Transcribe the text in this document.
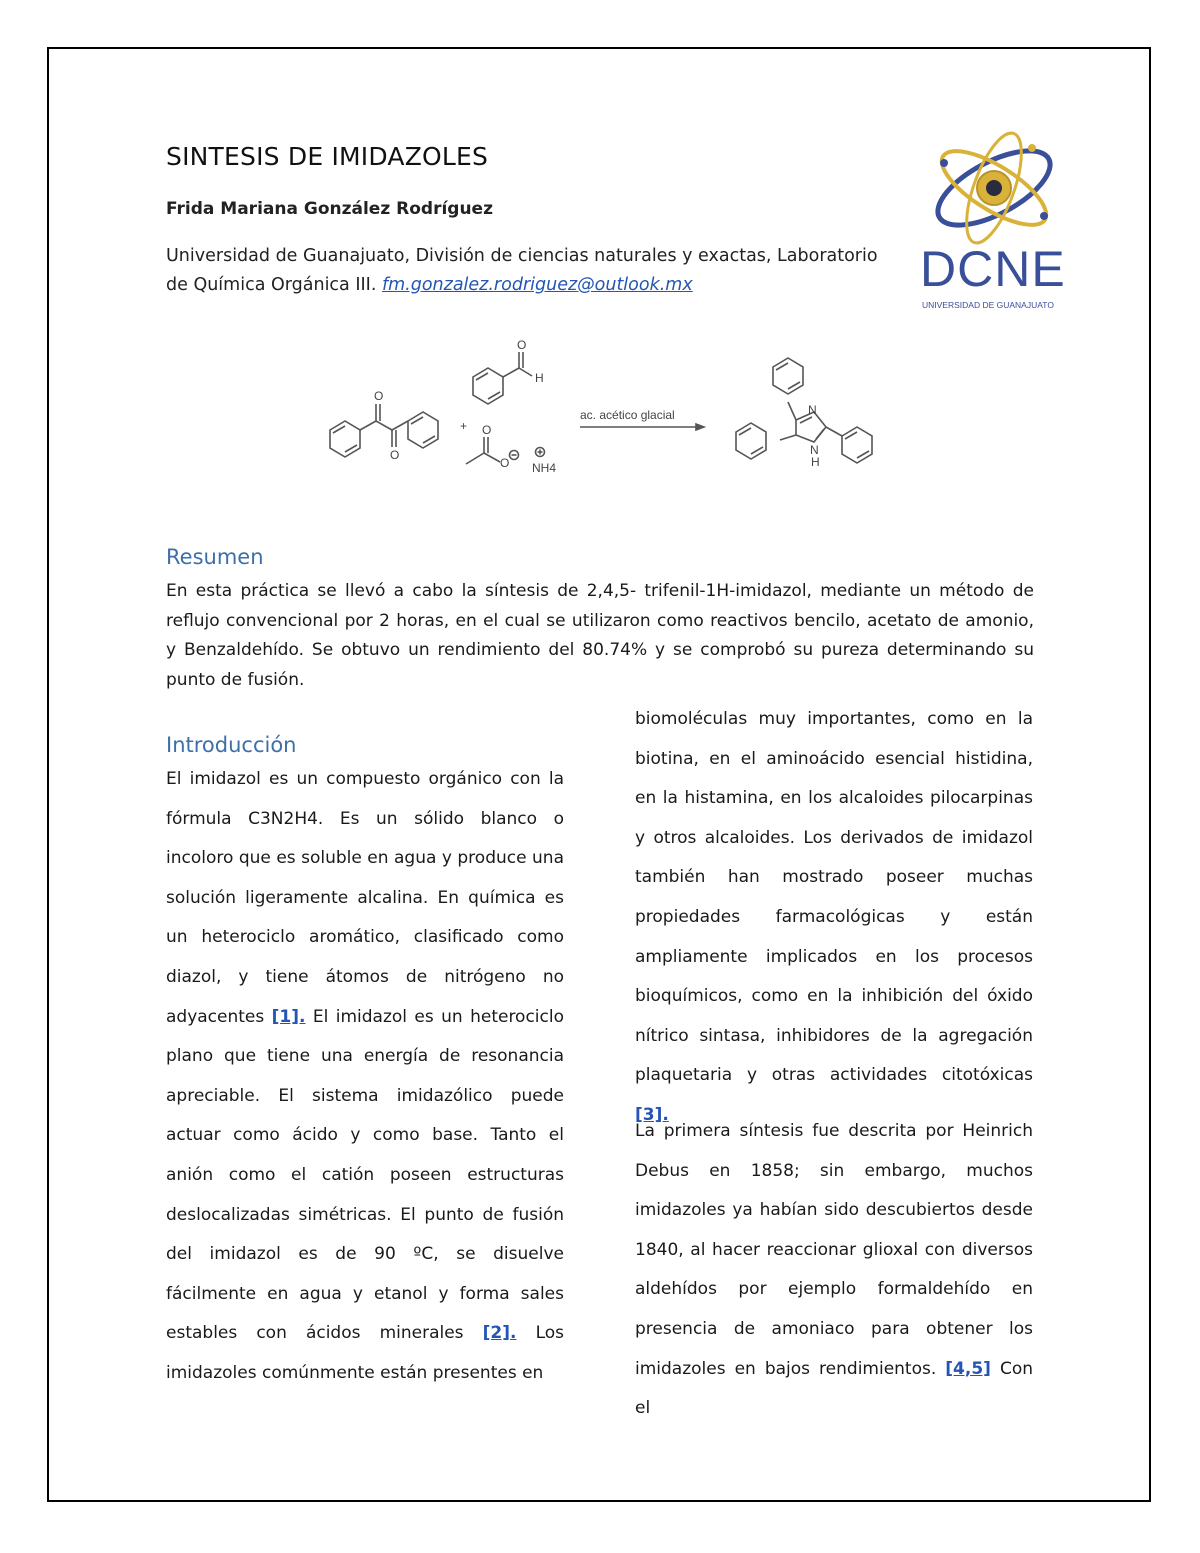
SINTESIS DE IMIDAZOLES
Frida Mariana González Rodríguez
Universidad de Guanajuato, División de ciencias naturales y exactas, Laboratorio de Química Orgánica III. fm.gonzalez.rodriguez@outlook.mx	DCNE
UNIVERSIDAD DE GUANAJUATO
O
O
O
H
+ O
O NH4
ac. acético glacial	N
N
H
Resumen

En esta práctica se llevó a cabo la síntesis de 2,4,5- trifenil-1H-imidazol, mediante un método de reflujo convencional por 2 horas, en el cual se utilizaron como reactivos bencilo, acetato de amonio, y Benzaldehído. Se obtuvo un rendimiento del 80.74% y se comprobó su pureza determinando su punto de fusión.

Introducción

El imidazol es un compuesto orgánico con la fórmula C3N2H4. Es un sólido blanco o incoloro que es soluble en agua y produce una solución ligeramente alcalina. En química es un heterociclo aromático, clasificado como diazol, y tiene átomos de nitrógeno no adyacentes [1]. El imidazol es un heterociclo plano que tiene una energía de resonancia apreciable. El sistema imidazólico puede actuar como ácido y como base. Tanto el anión como el catión poseen estructuras deslocalizadas simétricas. El punto de fusión del imidazol es de 90 ºC, se disuelve fácilmente en agua y etanol y forma sales estables con ácidos minerales [2]. Los imidazoles comúnmente están presentes en

biomoléculas muy importantes, como en la biotina, en el aminoácido esencial histidina, en la histamina, en los alcaloides pilocarpinas y otros alcaloides. Los derivados de imidazol también han mostrado poseer muchas propiedades farmacológicas y están ampliamente implicados en los procesos bioquímicos, como en la inhibición del óxido nítrico sintasa, inhibidores de la agregación plaquetaria y otras actividades citotóxicas [3].

La primera síntesis fue descrita por Heinrich Debus en 1858; sin embargo, muchos imidazoles ya habían sido descubiertos desde 1840, al hacer reaccionar glioxal con diversos aldehídos por ejemplo formaldehído en presencia de amoniaco para obtener los imidazoles en bajos rendimientos. [4,5] Con el
